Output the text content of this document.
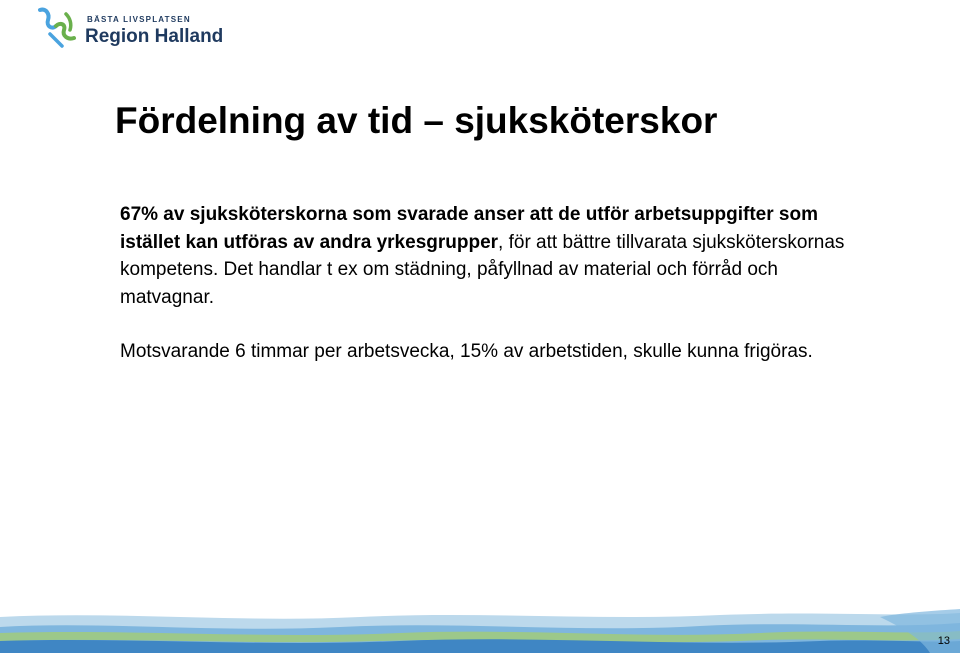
BÄSTA LIVSPLATSEN
Region Halland
Fördelning av tid – sjuksköterskor

67% av sjuksköterskorna som svarade anser att de utför arbetsuppgifter som istället kan utföras av andra yrkesgrupper, för att bättre tillvarata sjuksköterskornas kompetens. Det handlar t ex om städning, påfyllnad av material och förråd och matvagnar.

Motsvarande 6 timmar per arbetsvecka, 15% av arbetstiden, skulle kunna frigöras.

13
